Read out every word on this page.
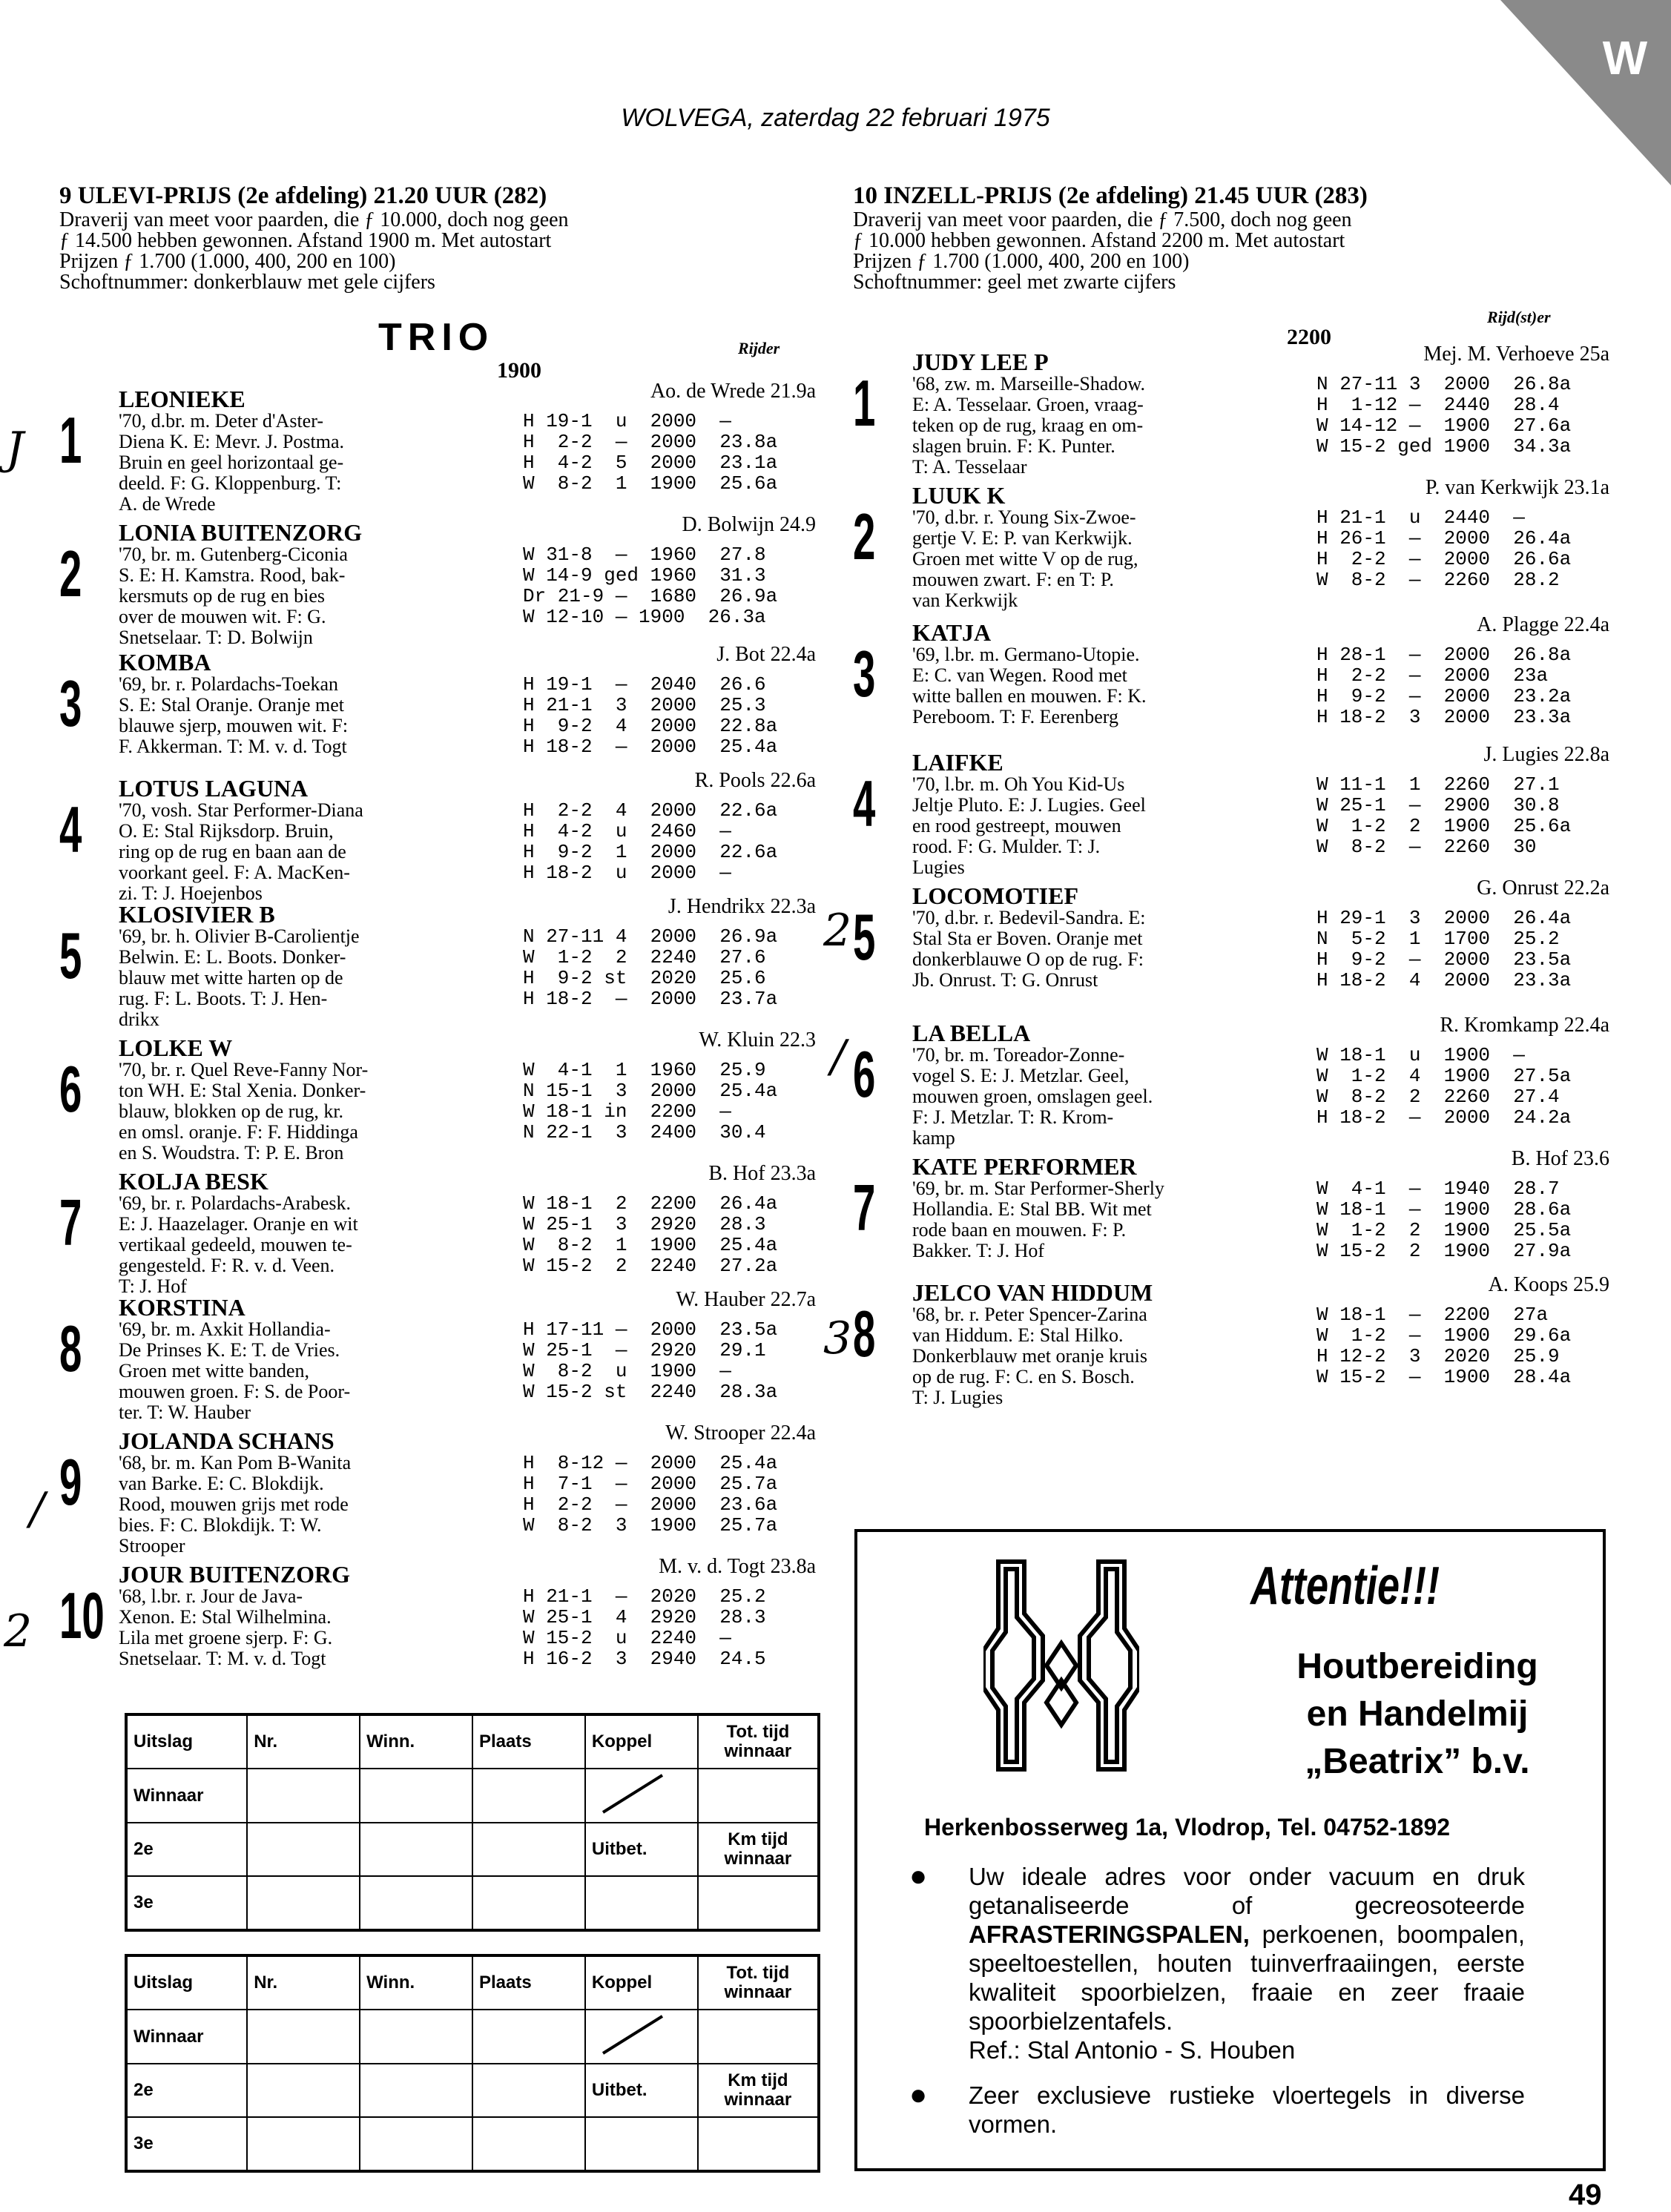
W
WOLVEGA, zaterdag 22 februari 1975
9 ULEVI-PRIJS (2e afdeling) 21.20 UUR (282)
Draverij van meet voor paarden, die ƒ 10.000, doch nog geen
ƒ 14.500 hebben gewonnen. Afstand 1900 m. Met autostart
Prijzen ƒ 1.700 (1.000, 400, 200 en 100)
Schoftnummer: donkerblauw met gele cijfers
TRIO	Rijder
1900
1
LEONIEKE	Ao. de Wrede 21.9a
'70, d.br. m. Deter d'Aster-
Diena K. E: Mevr. J. Postma.
Bruin en geel horizontaal ge-
deeld. F: G. Kloppenburg. T:
A. de Wrede
H 19-1  u  2000  —
H  2-2  —  2000  23.8a
H  4-2  5  2000  23.1a
W  8-2  1  1900  25.6a
2
LONIA BUITENZORG	D. Bolwijn 24.9
'70, br. m. Gutenberg-Ciconia
S. E: H. Kamstra. Rood, bak-
kersmuts op de rug en bies
over de mouwen wit. F: G.
Snetselaar. T: D. Bolwijn
W 31-8  —  1960  27.8
W 14-9 ged 1960  31.3
Dr 21-9 —  1680  26.9a
W 12-10 — 1900  26.3a
3
KOMBA	J. Bot 22.4a
'69, br. r. Polardachs-Toekan
S. E: Stal Oranje. Oranje met
blauwe sjerp, mouwen wit. F:
F. Akkerman. T: M. v. d. Togt
H 19-1  —  2040  26.6
H 21-1  3  2000  25.3
H  9-2  4  2000  22.8a
H 18-2  —  2000  25.4a
4
LOTUS LAGUNA	R. Pools 22.6a
'70, vosh. Star Performer-Diana
O. E: Stal Rijksdorp. Bruin,
ring op de rug en baan aan de
voorkant geel. F: A. MacKen-
zi. T: J. Hoejenbos
H  2-2  4  2000  22.6a
H  4-2  u  2460  —
H  9-2  1  2000  22.6a
H 18-2  u  2000  —
5
KLOSIVIER B	J. Hendrikx 22.3a
'69, br. h. Olivier B-Carolientje
Belwin. E: L. Boots. Donker-
blauw met witte harten op de
rug. F: L. Boots. T: J. Hen-
drikx
N 27-11 4  2000  26.9a
W  1-2  2  2240  27.6
H  9-2 st  2020  25.6
H 18-2  —  2000  23.7a
6
LOLKE W	W. Kluin 22.3
'70, br. r. Quel Reve-Fanny Nor-
ton WH. E: Stal Xenia. Donker-
blauw, blokken op de rug, kr.
en omsl. oranje. F: F. Hiddinga
en S. Woudstra. T: P. E. Bron
W  4-1  1  1960  25.9
N 15-1  3  2000  25.4a
W 18-1 in  2200  —
N 22-1  3  2400  30.4
7
KOLJA BESK	B. Hof 23.3a
'69, br. r. Polardachs-Arabesk.
E: J. Haazelager. Oranje en wit
vertikaal gedeeld, mouwen te-
gengesteld. F: R. v. d. Veen.
T: J. Hof
W 18-1  2  2200  26.4a
W 25-1  3  2920  28.3
W  8-2  1  1900  25.4a
W 15-2  2  2240  27.2a
8
KORSTINA	W. Hauber 22.7a
'69, br. m. Axkit Hollandia-
De Prinses K. E: T. de Vries.
Groen met witte banden,
mouwen groen. F: S. de Poor-
ter. T: W. Hauber
H 17-11 —  2000  23.5a
W 25-1  —  2920  29.1
W  8-2  u  1900  —
W 15-2 st  2240  28.3a
9
JOLANDA SCHANS	W. Strooper 22.4a
'68, br. m. Kan Pom B-Wanita
van Barke. E: C. Blokdijk.
Rood, mouwen grijs met rode
bies. F: C. Blokdijk. T: W.
Strooper
H  8-12 —  2000  25.4a
H  7-1  —  2000  25.7a
H  2-2  —  2000  23.6a
W  8-2  3  1900  25.7a
10
JOUR BUITENZORG	M. v. d. Togt 23.8a
'68, l.br. r. Jour de Java-
Xenon. E: Stal Wilhelmina.
Lila met groene sjerp. F: G.
Snetselaar. T: M. v. d. Togt
H 21-1  —  2020  25.2
W 25-1  4  2920  28.3
W 15-2  u  2240  —
H 16-2  3  2940  24.5
10 INZELL-PRIJS (2e afdeling) 21.45 UUR (283)
Draverij van meet voor paarden, die ƒ 7.500, doch nog geen
ƒ 10.000 hebben gewonnen. Afstand 2200 m. Met autostart
Prijzen ƒ 1.700 (1.000, 400, 200 en 100)
Schoftnummer: geel met zwarte cijfers
Rijd(st)er
2200
1
JUDY LEE P	Mej. M. Verhoeve 25a
'68, zw. m. Marseille-Shadow.
E: A. Tesselaar. Groen, vraag-
teken op de rug, kraag en om-
slagen bruin. F: K. Punter.
T: A. Tesselaar
N 27-11 3  2000  26.8a
H  1-12 —  2440  28.4
W 14-12 —  1900  27.6a
W 15-2 ged 1900  34.3a
2
LUUK K	P. van Kerkwijk 23.1a
'70, d.br. r. Young Six-Zwoe-
gertje V. E: P. van Kerkwijk.
Groen met witte V op de rug,
mouwen zwart. F: en T: P.
van Kerkwijk
H 21-1  u  2440  —
H 26-1  —  2000  26.4a
H  2-2  —  2000  26.6a
W  8-2  —  2260  28.2
3
KATJA	A. Plagge 22.4a
'69, l.br. m. Germano-Utopie.
E: C. van Wegen. Rood met
witte ballen en mouwen. F: K.
Pereboom. T: F. Eerenberg
H 28-1  —  2000  26.8a
H  2-2  —  2000  23a
H  9-2  —  2000  23.2a
H 18-2  3  2000  23.3a
4
LAIFKE	J. Lugies 22.8a
'70, l.br. m. Oh You Kid-Us
Jeltje Pluto. E: J. Lugies. Geel
en rood gestreept, mouwen
rood. F: G. Mulder. T: J.
Lugies
W 11-1  1  2260  27.1
W 25-1  —  2900  30.8
W  1-2  2  1900  25.6a
W  8-2  —  2260  30
5
LOCOMOTIEF	G. Onrust 22.2a
'70, d.br. r. Bedevil-Sandra. E:
Stal Sta er Boven. Oranje met
donkerblauwe O op de rug. F:
Jb. Onrust. T: G. Onrust
H 29-1  3  2000  26.4a
N  5-2  1  1700  25.2
H  9-2  —  2000  23.5a
H 18-2  4  2000  23.3a
6
LA BELLA	R. Kromkamp 22.4a
'70, br. m. Toreador-Zonne-
vogel S. E: J. Metzlar. Geel,
mouwen groen, omslagen geel.
F: J. Metzlar. T: R. Krom-
kamp
W 18-1  u  1900  —
W  1-2  4  1900  27.5a
W  8-2  2  2260  27.4
H 18-2  —  2000  24.2a
7
KATE PERFORMER	B. Hof 23.6
'69, br. m. Star Performer-Sherly
Hollandia. E: Stal BB. Wit met
rode baan en mouwen. F: P.
Bakker. T: J. Hof
W  4-1  —  1940  28.7
W 18-1  —  1900  28.6a
W  1-2  2  1900  25.5a
W 15-2  2  1900  27.9a
8
JELCO VAN HIDDUM	A. Koops 25.9
'68, br. r. Peter Spencer-Zarina
van Hiddum. E: Stal Hilko.
Donkerblauw met oranje kruis
op de rug. F: C. en S. Bosch.
T: J. Lugies
W 18-1  —  2200  27a
W  1-2  —  1900  29.6a
H 12-2  3  2020  25.9
W 15-2  —  1900  28.4a
J
2
/
3
/
2
Uitslag	Nr.	Winn.	Plaats	Koppel	Tot. tijd winnaar
Winnaar					
2e				Uitbet.	Km tijd winnaar
3e					
Uitslag	Nr.	Winn.	Plaats	Koppel	Tot. tijd winnaar
Winnaar					
2e				Uitbet.	Km tijd winnaar
3e					
Attentie!!!
Houtbereiding
en Handelmij
„Beatrix” b.v.
Herkenbosserweg 1a, Vlodrop, Tel. 04752-1892
● Uw ideale adres voor onder vacuum en druk getanaliseerde of gecreosoteerde AFRASTERINGSPALEN, perkoenen, boompalen, speeltoestellen, houten tuinverfraaiingen, eerste kwaliteit spoorbielzen, fraaie en zeer fraaie spoorbielzentafels.
Ref.: Stal Antonio - S. Houben
● Zeer exclusieve rustieke vloertegels in diverse vormen.
49
